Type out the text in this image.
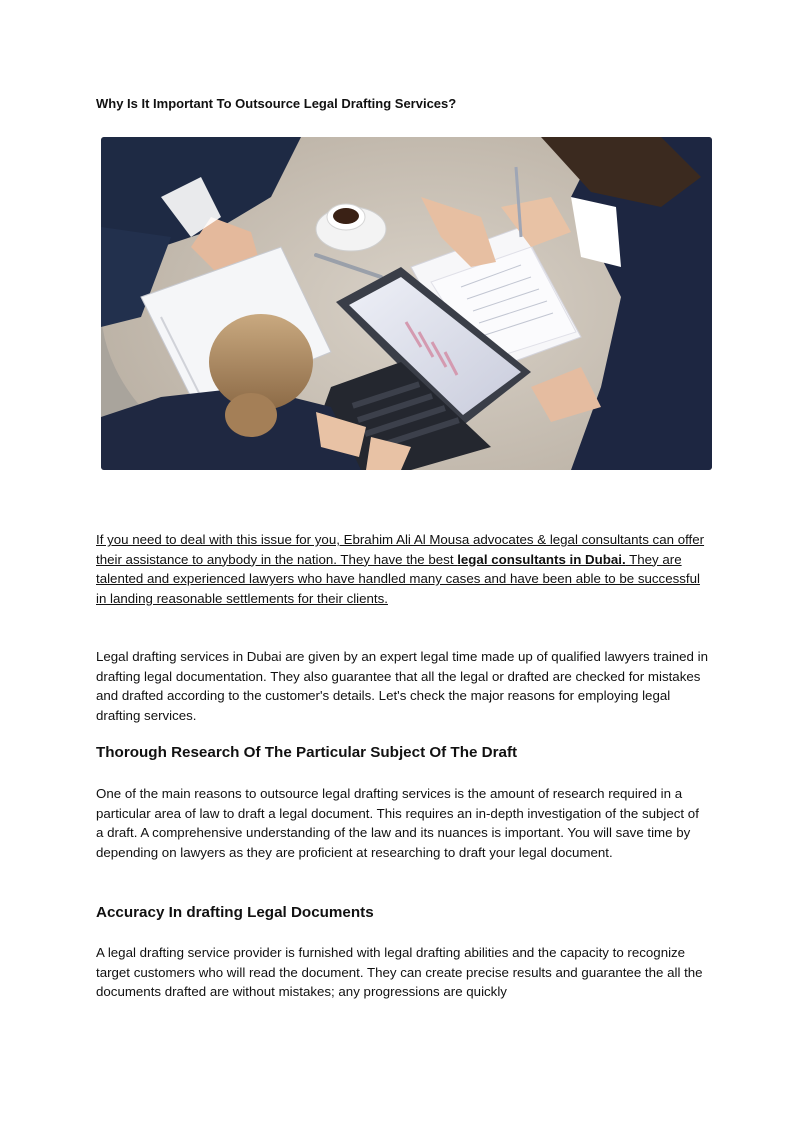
Why Is It Important To Outsource Legal Drafting Services?

If you need to deal with this issue for you, Ebrahim Ali Al Mousa advocates & legal consultants can offer their assistance to anybody in the nation. They have the best legal consultants in Dubai. They are talented and experienced lawyers who have handled many cases and have been able to be successful in landing reasonable settlements for their clients.

Legal drafting services in Dubai are given by an expert legal time made up of qualified lawyers trained in drafting legal documentation. They also guarantee that all the legal or drafted are checked for mistakes and drafted according to the customer's details. Let's check the major reasons for employing legal drafting services.

Thorough Research Of The Particular Subject Of The Draft

One of the main reasons to outsource legal drafting services is the amount of research required in a particular area of law to draft a legal document. This requires an in-depth investigation of the subject of a draft. A comprehensive understanding of the law and its nuances is important. You will save time by depending on lawyers as they are proficient at researching to draft your legal document.

Accuracy In drafting Legal Documents

A legal drafting service provider is furnished with legal drafting abilities and the capacity to recognize target customers who will read the document. They can create precise results and guarantee the all the documents drafted are without mistakes; any progressions are quickly
